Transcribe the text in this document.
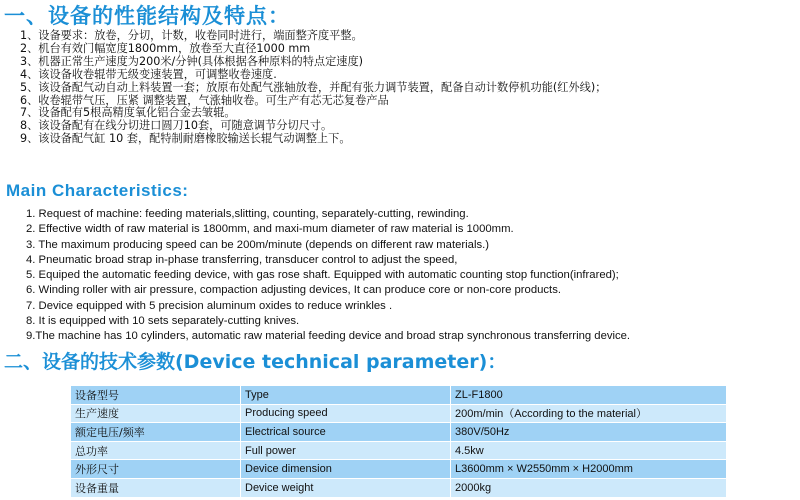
一、设备的性能结构及特点：
1、设备要求：放卷，分切，计数，收卷同时进行，端面整齐度平整。
2、机台有效门幅宽度1800mm，放卷至大直径1000 mm
3、机器正常生产速度为200米/分钟(具体根据各种原料的特点定速度)
4、该设备收卷辊带无级变速装置，可调整收卷速度.
5、该设备配气动自动上料装置一套；放原布处配气涨轴放卷，并配有张力调节装置，配备自动计数停机功能(红外线)；
6、收卷辊带气压，压紧 调整装置，气涨轴收卷。可生产有芯无芯复卷产品
7、设备配有5根高精度氧化铝合金去皱辊。
8、该设备配有在线分切进口圆刀10套，可随意调节分切尺寸。
9、该设备配气缸 10 套，配特制耐磨橡胶输送长辊气动调整上下。
Main Characteristics:
1. Request of machine: feeding materials,slitting, counting, separately-cutting, rewinding.
2. Effective width of raw material is 1800mm, and maxi-mum diameter of raw material is 1000mm.
3. The maximum producing speed can be 200m/minute (depends on different raw materials.)
4. Pneumatic broad strap in-phase transferring, transducer control to adjust the speed,
5. Equiped the automatic feeding device, with gas rose shaft. Equipped with automatic counting stop function(infrared);
6. Winding roller with air pressure, compaction adjusting devices, It can produce core or non-core products.
7. Device equipped with 5 precision aluminum oxides to reduce wrinkles .
8. It is equipped with 10 sets separately-cutting knives.
9.The machine has 10 cylinders, automatic raw material feeding device and broad strap synchronous transferring device.
二、设备的技术参数(Device technical parameter)：
设备型号	Type	ZL-F1800
生产速度	Producing speed	200m/min（According to the material）
额定电压/频率	Electrical source	380V/50Hz
总功率	Full power	4.5kw
外形尺寸	Device dimension	L3600mm × W2550mm × H2000mm
设备重量	Device weight	2000kg
